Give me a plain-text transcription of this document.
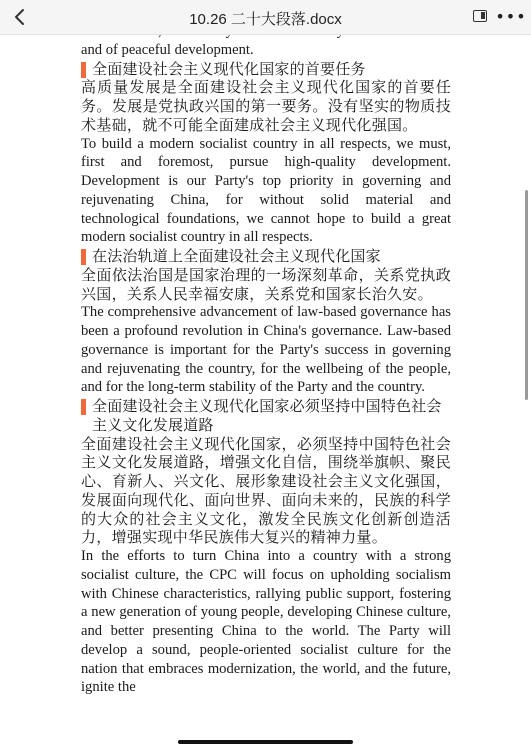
10.26 二十大段落.docx	•••

and of peaceful development.

全面建设社会主义现代化国家的首要任务

高质量发展是全面建设社会主义现代化国家的首要任务。发展是党执政兴国的第一要务。没有坚实的物质技术基础，就不可能全面建成社会主义现代化强国。

To build a modern socialist country in all respects, we must, first and foremost, pursue high-quality development. Development is our Party's top priority in governing and rejuvenating China, for without solid material and technological foundations, we cannot hope to build a great modern socialist country in all respects.

在法治轨道上全面建设社会主义现代化国家

全面依法治国是国家治理的一场深刻革命，关系党执政兴国，关系人民幸福安康，关系党和国家长治久安。

The comprehensive advancement of law-based governance has been a profound revolution in China's governance. Law-based governance is important for the Party's success in governing and rejuvenating the country, for the wellbeing of the people, and for the long-term stability of the Party and the country.

全面建设社会主义现代化国家必须坚持中国特色社会主义文化发展道路

全面建设社会主义现代化国家，必须坚持中国特色社会主义文化发展道路，增强文化自信，围绕举旗帜、聚民心、育新人、兴文化、展形象建设社会主义文化强国，发展面向现代化、面向世界、面向未来的，民族的科学的大众的社会主义文化，激发全民族文化创新创造活力，增强实现中华民族伟大复兴的精神力量。

In the efforts to turn China into a country with a strong socialist culture, the CPC will focus on upholding socialism with Chinese characteristics, rallying public support, fostering a new generation of young people, developing Chinese culture, and better presenting China to the world. The Party will develop a sound, people-oriented socialist culture for the nation that embraces modernization, the world, and the future, ignite the
